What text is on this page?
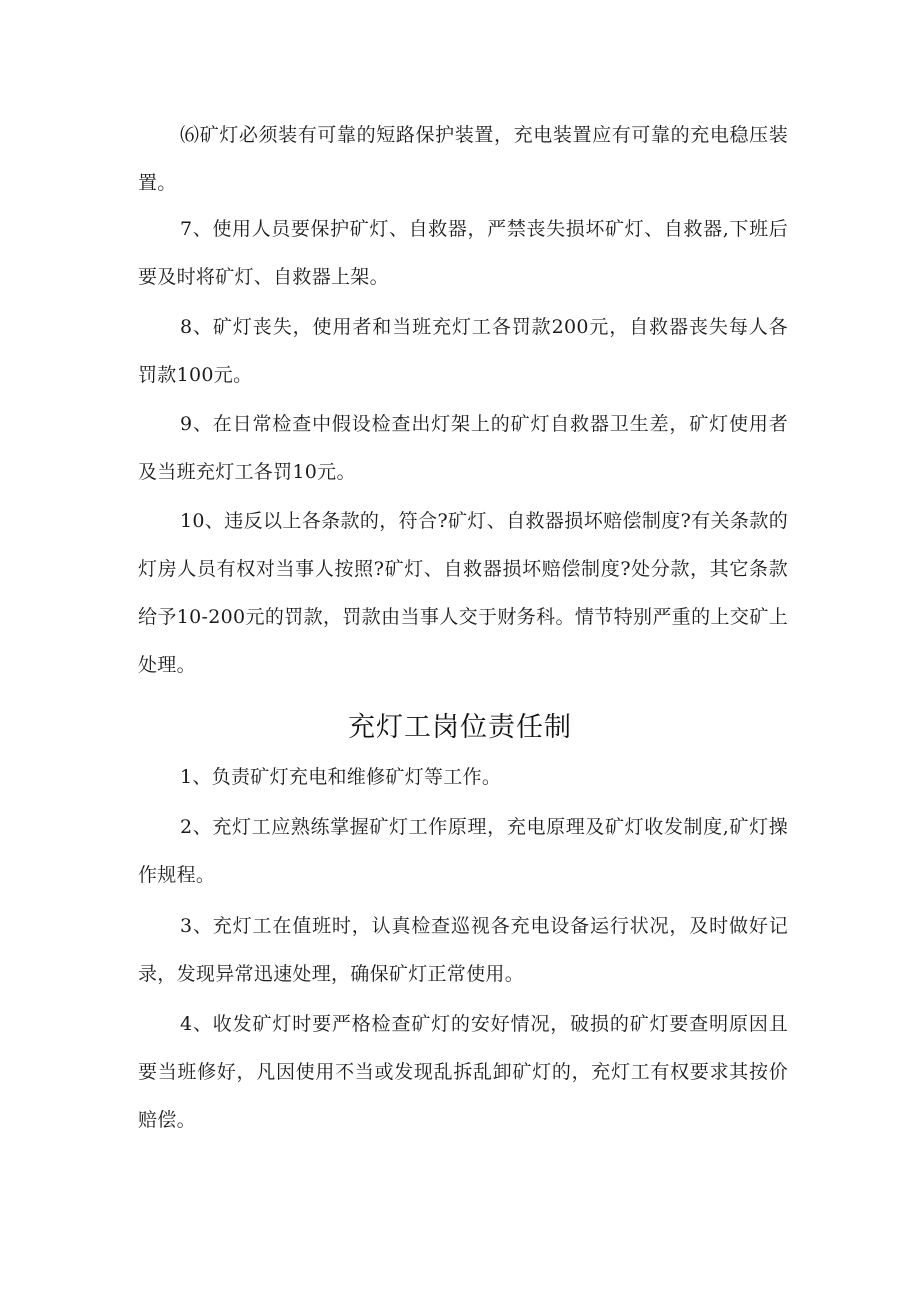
⑹矿灯必须装有可靠的短路保护装置，充电装置应有可靠的充电稳压装置。

7、使用人员要保护矿灯、自救器，严禁丧失损坏矿灯、自救器,下班后要及时将矿灯、自救器上架。

8、矿灯丧失，使用者和当班充灯工各罚款200元，自救器丧失每人各罚款100元。

9、在日常检查中假设检查出灯架上的矿灯自救器卫生差，矿灯使用者及当班充灯工各罚10元。

10、违反以上各条款的，符合?矿灯、自救器损坏赔偿制度?有关条款的灯房人员有权对当事人按照?矿灯、自救器损坏赔偿制度?处分款，其它条款给予10-200元的罚款，罚款由当事人交于财务科。情节特别严重的上交矿上处理。

充灯工岗位责任制

1、负责矿灯充电和维修矿灯等工作。

2、充灯工应熟练掌握矿灯工作原理，充电原理及矿灯收发制度,矿灯操作规程。

3、充灯工在值班时，认真检查巡视各充电设备运行状况，及时做好记录，发现异常迅速处理，确保矿灯正常使用。

4、收发矿灯时要严格检查矿灯的安好情况，破损的矿灯要查明原因且要当班修好，凡因使用不当或发现乱拆乱卸矿灯的，充灯工有权要求其按价赔偿。
